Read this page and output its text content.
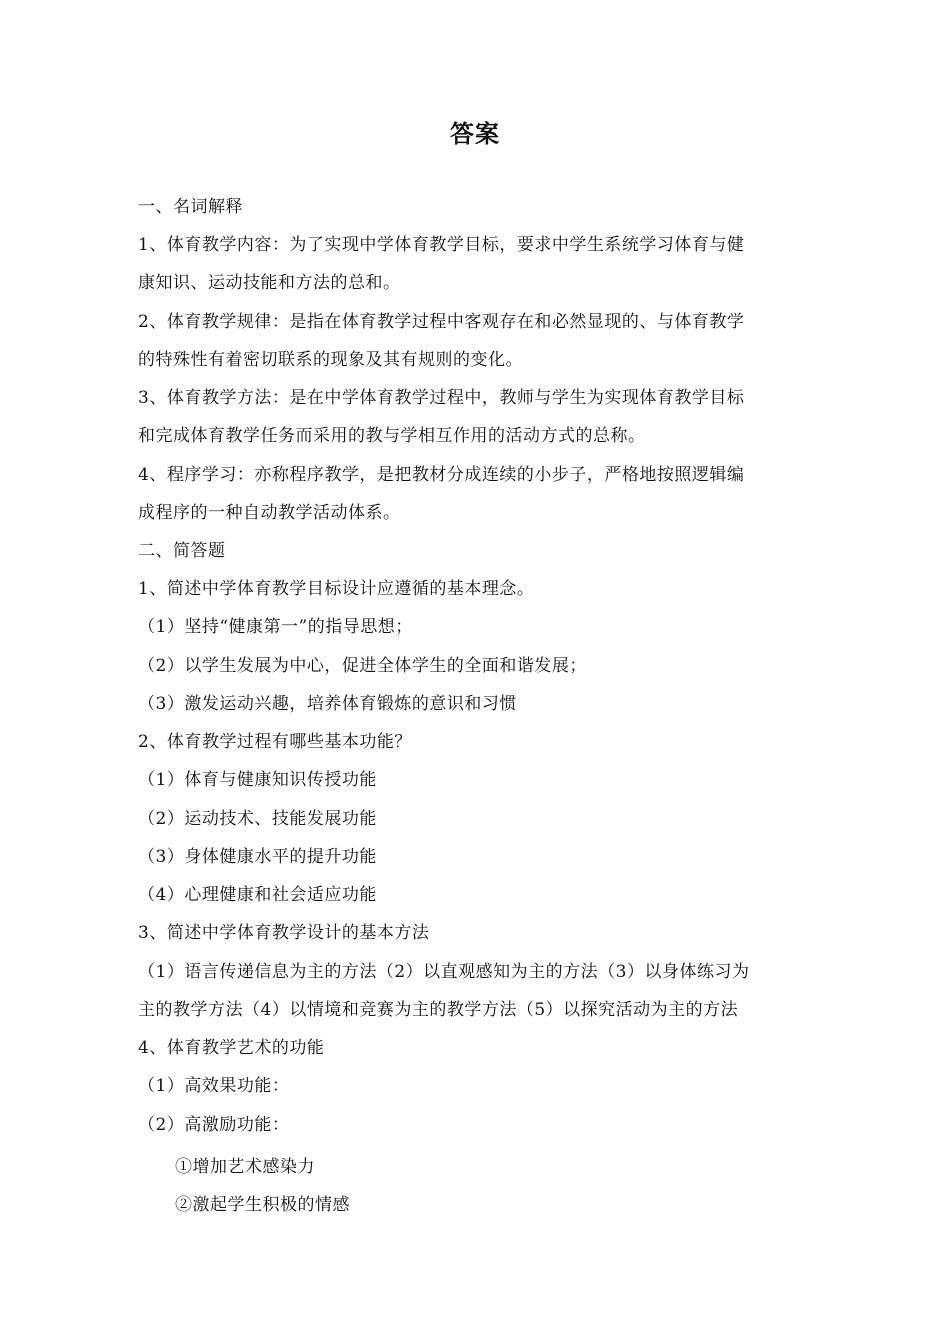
答案
一、名词解释
1、体育教学内容：为了实现中学体育教学目标，要求中学生系统学习体育与健
康知识、运动技能和方法的总和。
2、体育教学规律：是指在体育教学过程中客观存在和必然显现的、与体育教学
的特殊性有着密切联系的现象及其有规则的变化。
3、体育教学方法：是在中学体育教学过程中，教师与学生为实现体育教学目标
和完成体育教学任务而采用的教与学相互作用的活动方式的总称。
4、程序学习：亦称程序教学，是把教材分成连续的小步子，严格地按照逻辑编
成程序的一种自动教学活动体系。
二、简答题
1、简述中学体育教学目标设计应遵循的基本理念。
（1）坚持“健康第一”的指导思想；
（2）以学生发展为中心，促进全体学生的全面和谐发展；
（3）激发运动兴趣，培养体育锻炼的意识和习惯
2、体育教学过程有哪些基本功能？
（1）体育与健康知识传授功能
（2）运动技术、技能发展功能
（3）身体健康水平的提升功能
（4）心理健康和社会适应功能
3、简述中学体育教学设计的基本方法
（1）语言传递信息为主的方法（2）以直观感知为主的方法（3）以身体练习为
主的教学方法（4）以情境和竞赛为主的教学方法（5）以探究活动为主的方法
4、体育教学艺术的功能
（1）高效果功能：
（2）高激励功能：
①增加艺术感染力
②激起学生积极的情感
